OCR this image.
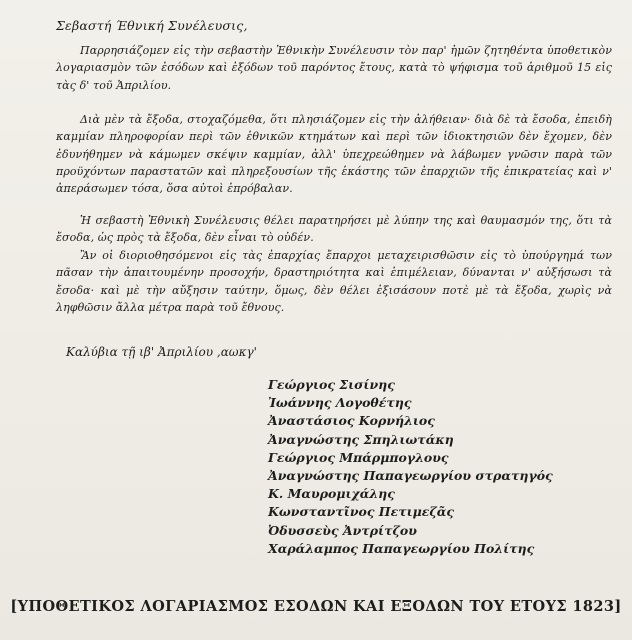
Σεβαστή Έθνική Συνέλευσις,

Παρρησιάζομεν εἰς τὴν σεβαστὴν Ἐθνικὴν Συνέλευσιν τὸν παρ' ἡμῶν ζητηθέντα ὑποθετικὸν λογαριασμὸν τῶν ἐσόδων καὶ ἐξόδων τοῦ παρόντος ἔτους, κατὰ τὸ ψήφισμα τοῦ ἀριθμοῦ 15 εἰς τὰς δ' τοῦ Ἀπριλίου.

Διὰ μὲν τὰ ἔξοδα, στοχαζόμεθα, ὅτι πλησιάζομεν εἰς τὴν ἀλήθειαν· διὰ δὲ τὰ ἔσοδα, ἐπειδὴ καμμίαν πληροφορίαν περὶ τῶν ἐθνικῶν κτημάτων καὶ περὶ τῶν ἰδιοκτησιῶν δὲν ἔχομεν, δὲν ἐδυνήθημεν νὰ κάμωμεν σκέψιν καμμίαν, ἀλλ' ὑπεχρεώθημεν νὰ λάβωμεν γνῶσιν παρὰ τῶν προϋχόντων παραστατῶν καὶ πληρεξουσίων τῆς ἑκάστης τῶν ἐπαρχιῶν τῆς ἐπικρατείας καὶ ν' ἀπεράσωμεν τόσα, ὅσα αὐτοὶ ἐπρόβαλαν.

Ἡ σεβαστὴ Ἐθνικὴ Συνέλευσις θέλει παρατηρήσει μὲ λύπην της καὶ θαυμασμόν της, ὅτι τὰ ἔσοδα, ὡς πρὸς τὰ ἔξοδα, δὲν εἶναι τὸ οὐδέν.

Ἂν οἱ διοριοθησόμενοι εἰς τὰς ἐπαρχίας ἔπαρχοι μεταχειρισθῶσιν εἰς τὸ ὑπούργημά των πᾶσαν τὴν ἀπαιτουμένην προσοχήν, δραστηριότητα καὶ ἐπιμέλειαν, δύνανται ν' αὐξήσωσι τὰ ἔσοδα· καὶ μὲ τὴν αὔξησιν ταύτην, ὅμως, δὲν θέλει ἐξισάσουν ποτὲ μὲ τὰ ἔξοδα, χωρὶς νὰ ληφθῶσιν ἄλλα μέτρα παρὰ τοῦ ἔθνους.

Καλύβια τῇ ιβ' Ἀπριλίου ,αωκγ'
Γεώργιος Σισίνης
Ἰωάννης Λογοθέτης
Ἀναστάσιος Κορνήλιος
Ἀναγνώστης Σπηλιωτάκη
Γεώργιος Μπάρμπογλους
Ἀναγνώστης Παπαγεωργίου στρατηγός
Κ. Μαυρομιχάλης
Κωνσταντῖνος Πετιμεζᾶς
Ὀδυσσεὺς Ἀντρίτζου
Χαράλαμπος Παπαγεωργίου Πολίτης
[ΥΠΟΘΕΤΙΚΟΣ ΛΟΓΑΡΙΑΣΜΟΣ ΕΣΟΔΩΝ ΚΑΙ ΕΞΟΔΩΝ ΤΟΥ ΕΤΟΥΣ 1823]
